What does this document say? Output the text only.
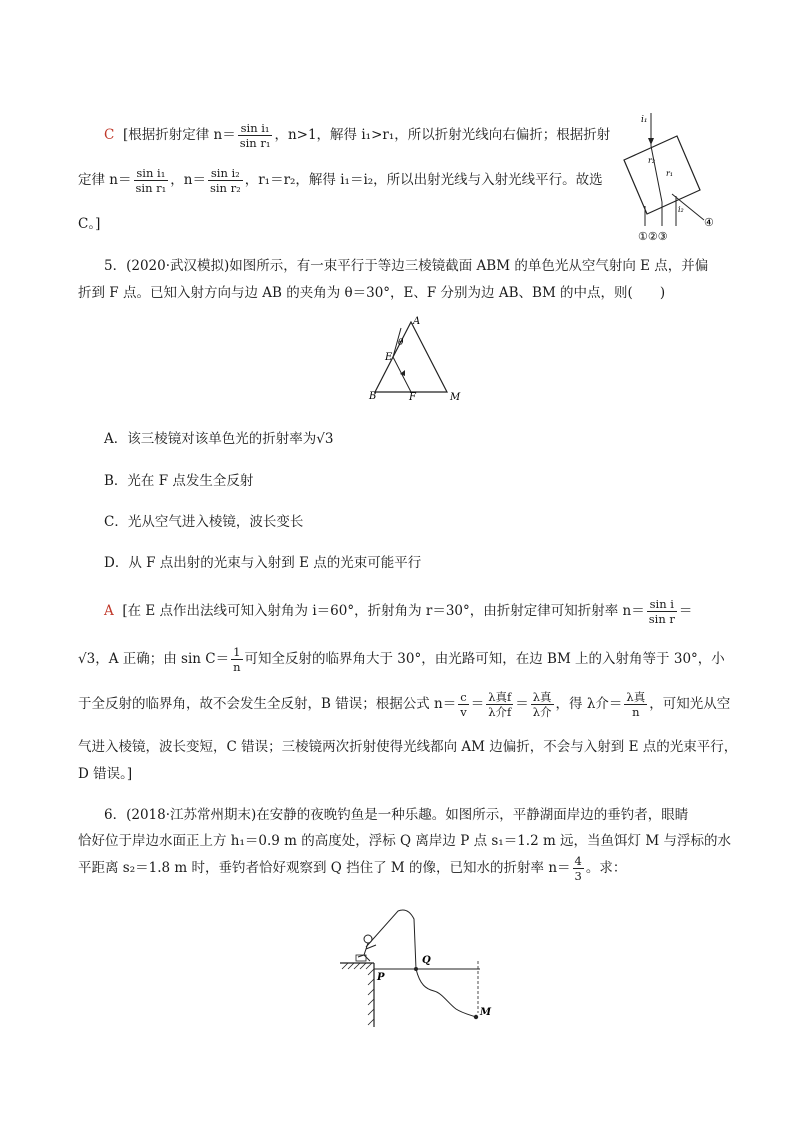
C [根据折射定律 $n= \frac{\text{sin i₁}}{\text{sin r₁}}$ ，n>1，解得 i₁>r₁，所以折射光线向右偏折；根据折射
定律 $n= \frac{\text{sin i₁}}{\text{sin r₁}}$ ，$n= \frac{\text{sin i₂}}{\text{sin r₂}}$ ，r₁＝r₂，解得 i₁＝i₂，所以出射光线与入射光线平行。故选
C。]
i₁
r₂
r₁
i₂
①②③
④
5．(2020·武汉模拟)如图所示，有一束平行于等边三棱镜截面 ABM 的单色光从空气射向 E 点，并偏
折到 F 点。已知入射方向与边 AB 的夹角为 θ＝30°，E、F 分别为边 AB、BM 的中点，则(　　)
A
B
E
F	M
θ
A．该三棱镜对该单色光的折射率为√3
B．光在 F 点发生全反射
C．光从空气进入棱镜，波长变长
D．从 F 点出射的光束与入射到 E 点的光束可能平行
A [在 E 点作出法线可知入射角为 i＝60°，折射角为 r＝30°，由折射定律可知折射率 $n= \frac{\text{sin i}}{\text{sin r}}$ ＝
√3，A 正确；由 $\sin C= \frac{1}{n}$ 可知全反射的临界角大于 30°，由光路可知，在边 BM 上的入射角等于 30°，小
于全反射的临界角，故不会发生全反射，B 错误；根据公式 $n= \frac{c}{v} = \frac{\text{λ真f}}{\text{λ介f}} = \frac{\text{λ真}}{\text{λ介}}$ ，得 λ介＝ $\frac{\text{λ真}}{n}$ ，可知光从空
气进入棱镜，波长变短，C 错误；三棱镜两次折射使得光线都向 AM 边偏折，不会与入射到 E 点的光束平行，
D 错误。]
6．(2018·江苏常州期末)在安静的夜晚钓鱼是一种乐趣。如图所示，平静湖面岸边的垂钓者，眼睛
恰好位于岸边水面正上方 h₁＝0.9 m 的高度处，浮标 Q 离岸边 P 点 s₁＝1.2 m 远，当鱼饵灯 M 与浮标的水
平距离 s₂＝1.8 m 时，垂钓者恰好观察到 Q 挡住了 M 的像，已知水的折射率 $n= \frac{4}{3}$ 。求：
P
Q
M
